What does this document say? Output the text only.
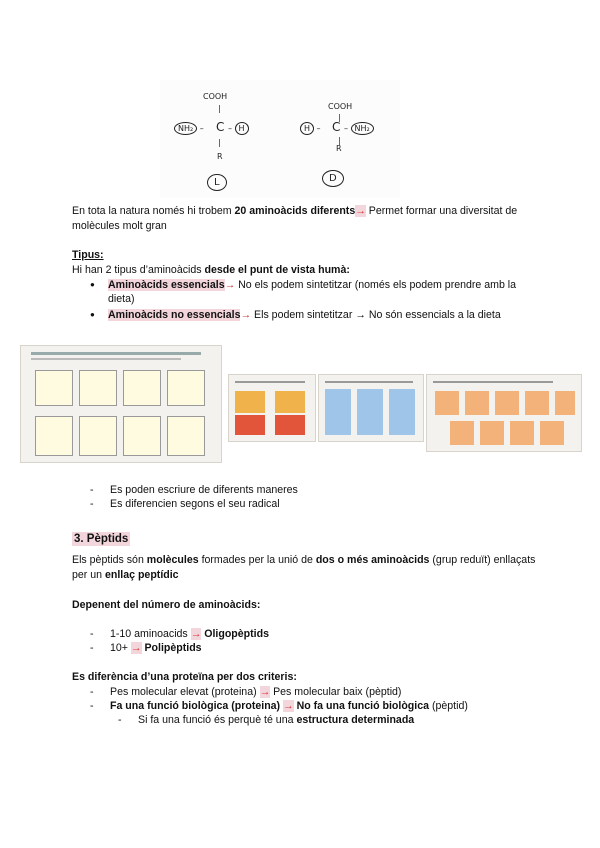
COOH
|
NH₂ – C – H
|
R
L
COOH
|
H – C – NH₂
|
R
D
En tota la natura només hi trobem 20 aminoàcids diferents→ Permet formar una diversitat de molècules molt gran
Tipus:
Hi han 2 tipus d’aminoàcids desde el punt de vista humà:
● Aminoàcids essencials→ No els podem sintetitzar (només els podem prendre amb la dieta)
● Aminoàcids no essencials→ Els podem sintetitzar → No són essencials a la dieta
- Es poden escriure de diferents maneres
- Es diferencien segons el seu radical
3. Pèptids
Els pèptids són molècules formades per la unió de dos o més aminoàcids (grup reduït) enllaçats per un enllaç peptídic
Depenent del número de aminoàcids:
- 1-10 aminoacids → Oligopèptids
- 10+ → Polipèptids
Es diferència d’una proteïna per dos criteris:
- Pes molecular elevat (proteina) → Pes molecular baix (pèptid)
- Fa una funció biològica (proteina) → No fa una funció biològica (pèptid)
- Si fa una funció és perquè té una estructura determinada
